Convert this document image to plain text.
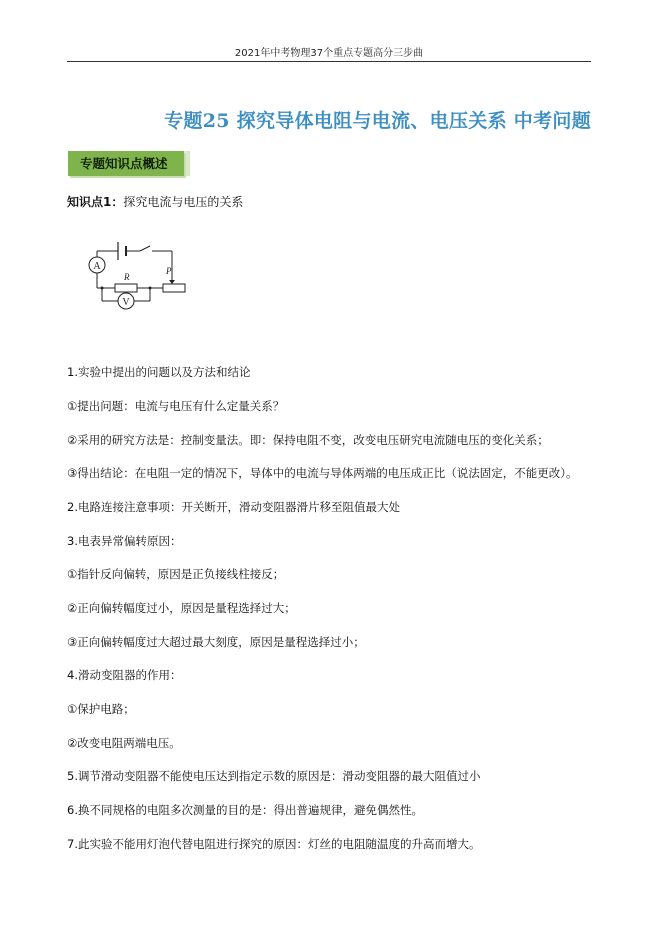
2021年中考物理37个重点专题高分三步曲
专题25 探究导体电阻与电流、电压关系 中考问题
专题知识点概述
知识点1：探究电流与电压的关系
A
V
R
P
1.实验中提出的问题以及方法和结论
①提出问题：电流与电压有什么定量关系？
②采用的研究方法是：控制变量法。即：保持电阻不变，改变电压研究电流随电压的变化关系；
③得出结论：在电阻一定的情况下，导体中的电流与导体两端的电压成正比（说法固定，不能更改）。
2.电路连接注意事项：开关断开，滑动变阻器滑片移至阻值最大处
3.电表异常偏转原因：
①指针反向偏转，原因是正负接线柱接反；
②正向偏转幅度过小，原因是量程选择过大；
③正向偏转幅度过大超过最大刻度，原因是量程选择过小；
4.滑动变阻器的作用：
①保护电路；
②改变电阻两端电压。
5.调节滑动变阻器不能使电压达到指定示数的原因是：滑动变阻器的最大阻值过小
6.换不同规格的电阻多次测量的目的是：得出普遍规律，避免偶然性。
7.此实验不能用灯泡代替电阻进行探究的原因：灯丝的电阻随温度的升高而增大。
